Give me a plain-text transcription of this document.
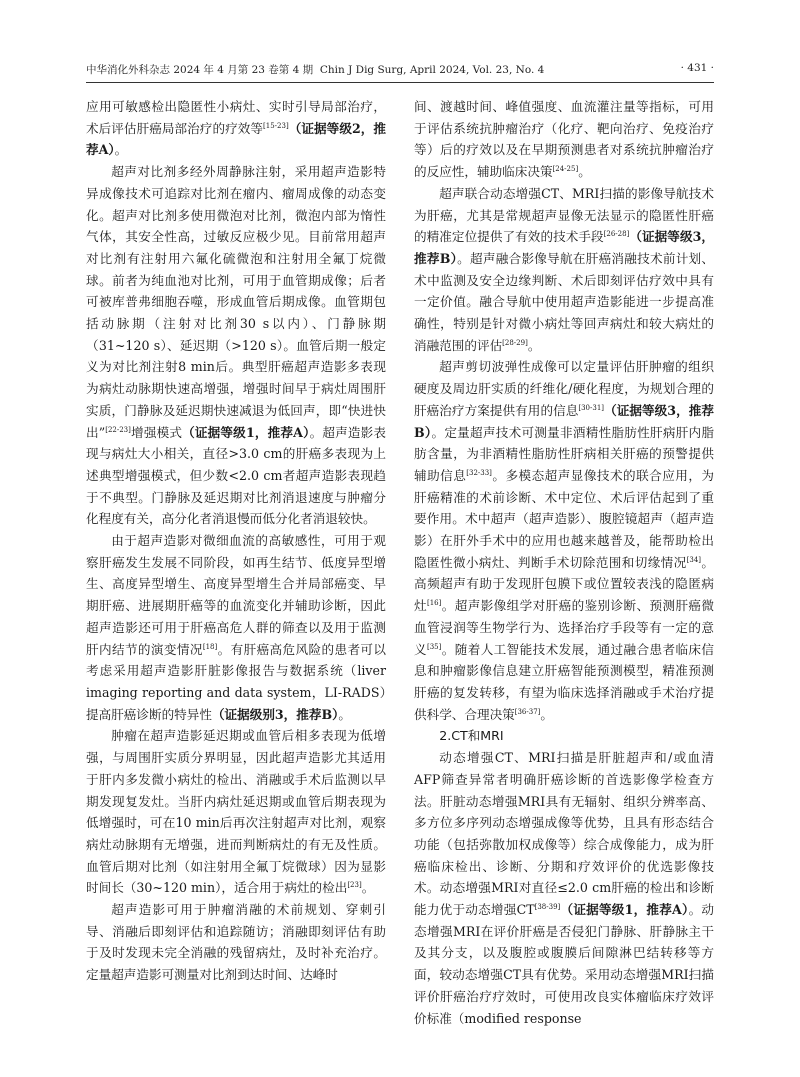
中华消化外科杂志 2024 年 4 月第 23 卷第 4 期 Chin J Dig Surg, April 2024, Vol. 23, No. 4	· 431 ·

应用可敏感检出隐匿性小病灶、实时引导局部治疗，术后评估肝癌局部治疗的疗效等[15-23]（证据等级2，推荐A）。

超声对比剂多经外周静脉注射，采用超声造影特异成像技术可追踪对比剂在瘤内、瘤周成像的动态变化。超声对比剂多使用微泡对比剂，微泡内部为惰性气体，其安全性高，过敏反应极少见。目前常用超声对比剂有注射用六氟化硫微泡和注射用全氟丁烷微球。前者为纯血池对比剂，可用于血管期成像；后者可被库普弗细胞吞噬，形成血管后期成像。血管期包括动脉期（注射对比剂30 s以内）、门静脉期（31~120 s）、延迟期（>120 s）。血管后期一般定义为对比剂注射8 min后。典型肝癌超声造影多表现为病灶动脉期快速高增强，增强时间早于病灶周围肝实质，门静脉及延迟期快速减退为低回声，即“快进快出”[22-23]增强模式（证据等级1，推荐A）。超声造影表现与病灶大小相关，直径>3.0 cm的肝癌多表现为上述典型增强模式，但少数<2.0 cm者超声造影表现趋于不典型。门静脉及延迟期对比剂消退速度与肿瘤分化程度有关，高分化者消退慢而低分化者消退较快。

由于超声造影对微细血流的高敏感性，可用于观察肝癌发生发展不同阶段，如再生结节、低度异型增生、高度异型增生、高度异型增生合并局部癌变、早期肝癌、进展期肝癌等的血流变化并辅助诊断，因此超声造影还可用于肝癌高危人群的筛查以及用于监测肝内结节的演变情况[18]。有肝癌高危风险的患者可以考虑采用超声造影肝脏影像报告与数据系统（liver imaging reporting and data system，LI-RADS）提高肝癌诊断的特异性（证据级别3，推荐B）。

肿瘤在超声造影延迟期或血管后相多表现为低增强，与周围肝实质分界明显，因此超声造影尤其适用于肝内多发微小病灶的检出、消融或手术后监测以早期发现复发灶。当肝内病灶延迟期或血管后期表现为低增强时，可在10 min后再次注射超声对比剂，观察病灶动脉期有无增强，进而判断病灶的有无及性质。血管后期对比剂（如注射用全氟丁烷微球）因为显影时间长（30~120 min），适合用于病灶的检出[23]。

超声造影可用于肿瘤消融的术前规划、穿刺引导、消融后即刻评估和追踪随访；消融即刻评估有助于及时发现未完全消融的残留病灶，及时补充治疗。定量超声造影可测量对比剂到达时间、达峰时

间、渡越时间、峰值强度、血流灌注量等指标，可用于评估系统抗肿瘤治疗（化疗、靶向治疗、免疫治疗等）后的疗效以及在早期预测患者对系统抗肿瘤治疗的反应性，辅助临床决策[24-25]。

超声联合动态增强CT、MRI扫描的影像导航技术为肝癌，尤其是常规超声显像无法显示的隐匿性肝癌的精准定位提供了有效的技术手段[26-28]（证据等级3，推荐B）。超声融合影像导航在肝癌消融技术前计划、术中监测及安全边缘判断、术后即刻评估疗效中具有一定价值。融合导航中使用超声造影能进一步提高准确性，特别是针对微小病灶等回声病灶和较大病灶的消融范围的评估[28-29]。

超声剪切波弹性成像可以定量评估肝肿瘤的组织硬度及周边肝实质的纤维化/硬化程度，为规划合理的肝癌治疗方案提供有用的信息[30-31]（证据等级3，推荐B）。定量超声技术可测量非酒精性脂肪性肝病肝内脂肪含量，为非酒精性脂肪性肝病相关肝癌的预警提供辅助信息[32-33]。多模态超声显像技术的联合应用，为肝癌精准的术前诊断、术中定位、术后评估起到了重要作用。术中超声（超声造影）、腹腔镜超声（超声造影）在肝外手术中的应用也越来越普及，能帮助检出隐匿性微小病灶、判断手术切除范围和切缘情况[34]。高频超声有助于发现肝包膜下或位置较表浅的隐匿病灶[16]。超声影像组学对肝癌的鉴别诊断、预测肝癌微血管浸润等生物学行为、选择治疗手段等有一定的意义[35]。随着人工智能技术发展，通过融合患者临床信息和肿瘤影像信息建立肝癌智能预测模型，精准预测肝癌的复发转移，有望为临床选择消融或手术治疗提供科学、合理决策[36-37]。

2.CT和MRI

动态增强CT、MRI扫描是肝脏超声和/或血清AFP筛查异常者明确肝癌诊断的首选影像学检查方法。肝脏动态增强MRI具有无辐射、组织分辨率高、多方位多序列动态增强成像等优势，且具有形态结合功能（包括弥散加权成像等）综合成像能力，成为肝癌临床检出、诊断、分期和疗效评价的优选影像技术。动态增强MRI对直径≤2.0 cm肝癌的检出和诊断能力优于动态增强CT[38-39]（证据等级1，推荐A）。动态增强MRI在评价肝癌是否侵犯门静脉、肝静脉主干及其分支，以及腹腔或腹膜后间隙淋巴结转移等方面，较动态增强CT具有优势。采用动态增强MRI扫描评价肝癌治疗疗效时，可使用改良实体瘤临床疗效评价标准（modified response
